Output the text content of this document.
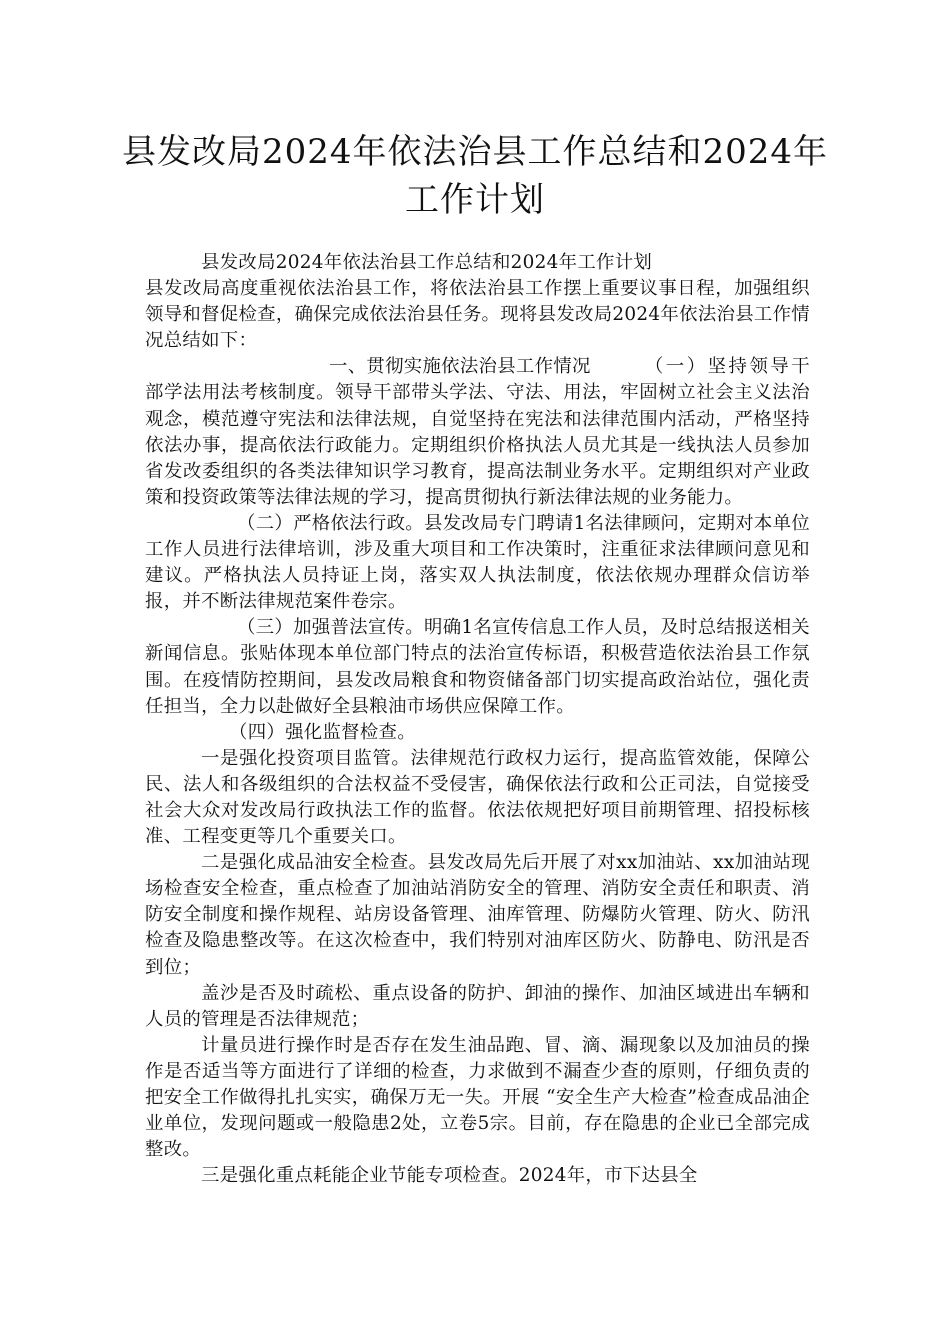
县发改局2024年依法治县工作总结和2024年工作计划

县发改局2024年依法治县工作总结和2024年工作计划

县发改局高度重视依法治县工作，将依法治县工作摆上重要议事日程，加强组织领导和督促检查，确保完成依法治县任务。现将县发改局2024年依法治县工作情况总结如下：

一、贯彻实施依法治县工作情况	（一）坚持领导干部学法用法考核制度。领导干部带头学法、守法、用法，牢固树立社会主义法治观念，模范遵守宪法和法律法规，自觉坚持在宪法和法律范围内活动，严格坚持依法办事，提高依法行政能力。定期组织价格执法人员尤其是一线执法人员参加省发改委组织的各类法律知识学习教育，提高法制业务水平。定期组织对产业政策和投资政策等法律法规的学习，提高贯彻执行新法律法规的业务能力。

（二）严格依法行政。县发改局专门聘请1名法律顾问，定期对本单位工作人员进行法律培训，涉及重大项目和工作决策时，注重征求法律顾问意见和建议。严格执法人员持证上岗，落实双人执法制度，依法依规办理群众信访举报，并不断法律规范案件卷宗。

（三）加强普法宣传。明确1名宣传信息工作人员，及时总结报送相关新闻信息。张贴体现本单位部门特点的法治宣传标语，积极营造依法治县工作氛围。在疫情防控期间，县发改局粮食和物资储备部门切实提高政治站位，强化责任担当，全力以赴做好全县粮油市场供应保障工作。

（四）强化监督检查。

一是强化投资项目监管。法律规范行政权力运行，提高监管效能，保障公民、法人和各级组织的合法权益不受侵害，确保依法行政和公正司法，自觉接受社会大众对发改局行政执法工作的监督。依法依规把好项目前期管理、招投标核准、工程变更等几个重要关口。

二是强化成品油安全检查。县发改局先后开展了对xx加油站、xx加油站现场检查安全检查，重点检查了加油站消防安全的管理、消防安全责任和职责、消防安全制度和操作规程、站房设备管理、油库管理、防爆防火管理、防火、防汛检查及隐患整改等。在这次检查中，我们特别对油库区防火、防静电、防汛是否到位；

盖沙是否及时疏松、重点设备的防护、卸油的操作、加油区域进出车辆和人员的管理是否法律规范；

计量员进行操作时是否存在发生油品跑、冒、滴、漏现象以及加油员的操作是否适当等方面进行了详细的检查，力求做到不漏查少查的原则，仔细负责的把安全工作做得扎扎实实，确保万无一失。开展 “安全生产大检查”检查成品油企业单位，发现问题或一般隐患2处，立卷5宗。目前，存在隐患的企业已全部完成整改。

三是强化重点耗能企业节能专项检查。2024年，市下达县全
